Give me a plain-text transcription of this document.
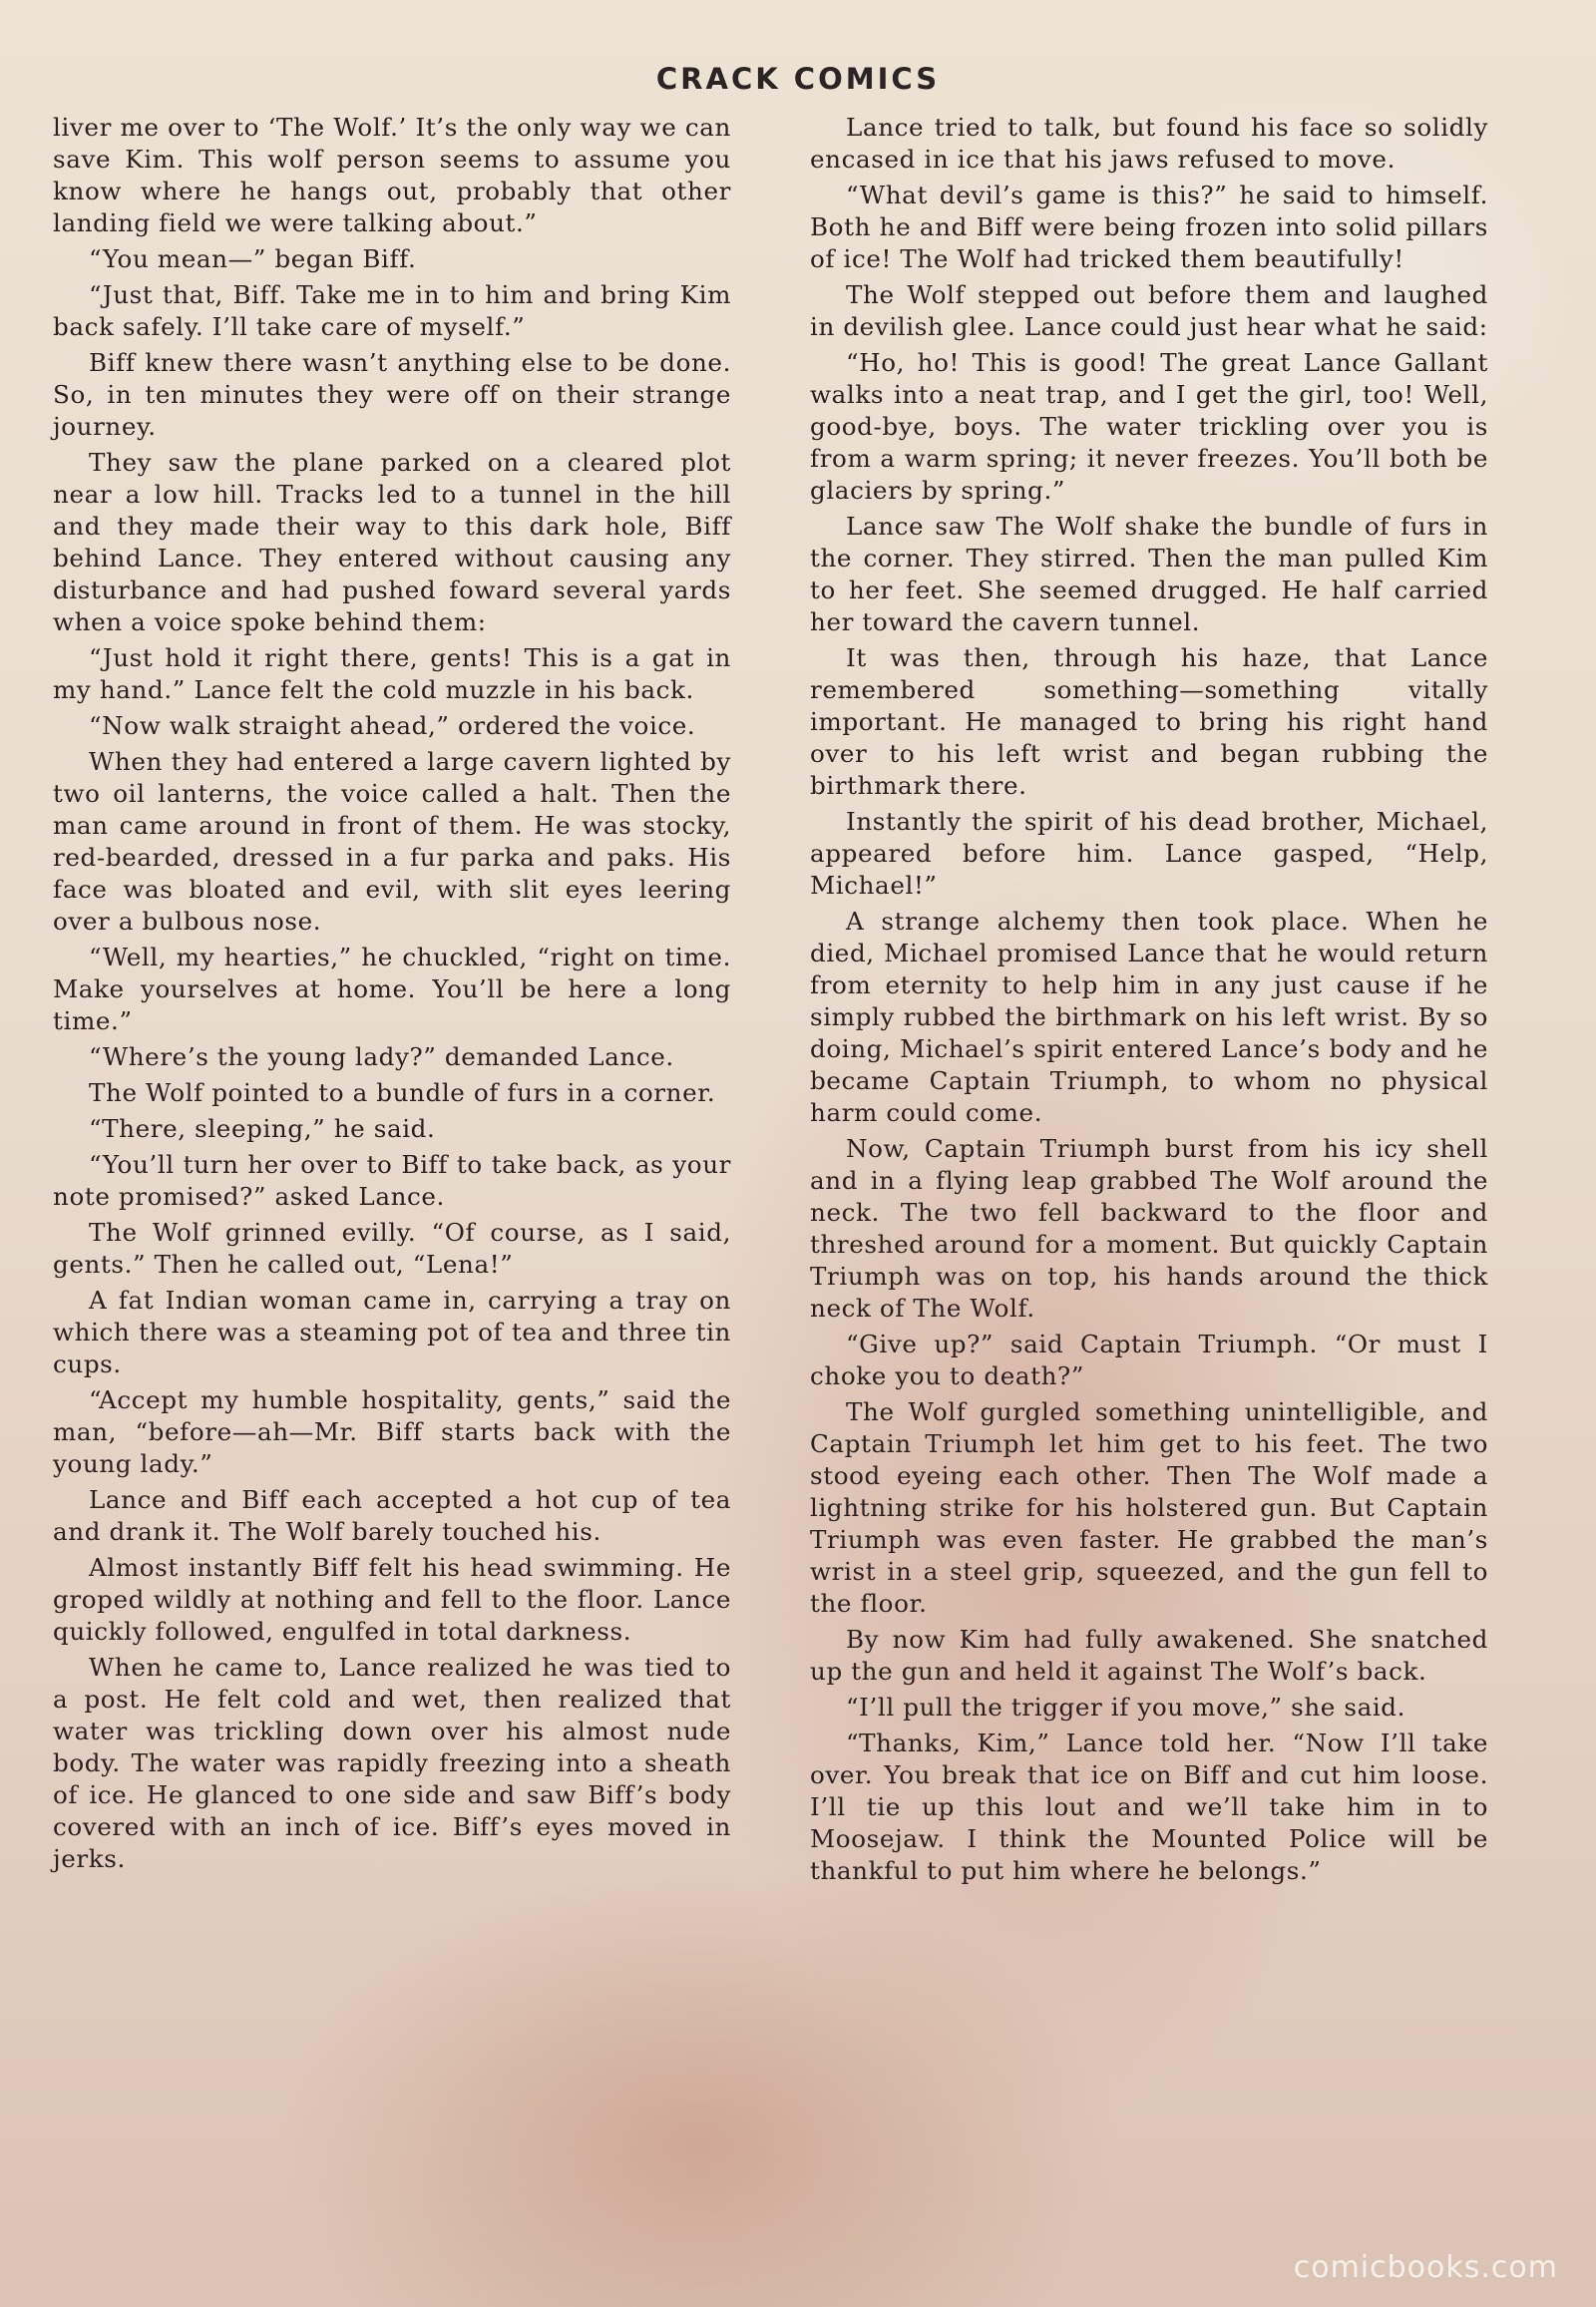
CRACK COMICS

liver me over to ‘The Wolf.’ It’s the only way we can save Kim. This wolf person seems to assume you know where he hangs out, probably that other landing field we were talking about.”

“You mean—” began Biff.

“Just that, Biff. Take me in to him and bring Kim back safely. I’ll take care of myself.”

Biff knew there wasn’t anything else to be done. So, in ten minutes they were off on their strange journey.

They saw the plane parked on a cleared plot near a low hill. Tracks led to a tunnel in the hill and they made their way to this dark hole, Biff behind Lance. They entered without causing any disturbance and had pushed foward several yards when a voice spoke behind them:

“Just hold it right there, gents! This is a gat in my hand.” Lance felt the cold muzzle in his back.

“Now walk straight ahead,” ordered the voice.

When they had entered a large cavern lighted by two oil lanterns, the voice called a halt. Then the man came around in front of them. He was stocky, red-bearded, dressed in a fur parka and paks. His face was bloated and evil, with slit eyes leering over a bulbous nose.

“Well, my hearties,” he chuckled, “right on time. Make yourselves at home. You’ll be here a long time.”

“Where’s the young lady?” demanded Lance.

The Wolf pointed to a bundle of furs in a corner.

“There, sleeping,” he said.

“You’ll turn her over to Biff to take back, as your note promised?” asked Lance.

The Wolf grinned evilly. “Of course, as I said, gents.” Then he called out, “Lena!”

A fat Indian woman came in, carrying a tray on which there was a steaming pot of tea and three tin cups.

“Accept my humble hospitality, gents,” said the man, “before—ah—Mr. Biff starts back with the young lady.”

Lance and Biff each accepted a hot cup of tea and drank it. The Wolf barely touched his.

Almost instantly Biff felt his head swimming. He groped wildly at nothing and fell to the floor. Lance quickly followed, engulfed in total darkness.

When he came to, Lance realized he was tied to a post. He felt cold and wet, then realized that water was trickling down over his almost nude body. The water was rapidly freezing into a sheath of ice. He glanced to one side and saw Biff’s body covered with an inch of ice. Biff’s eyes moved in jerks.

Lance tried to talk, but found his face so solidly encased in ice that his jaws refused to move.

“What devil’s game is this?” he said to himself. Both he and Biff were being frozen into solid pillars of ice! The Wolf had tricked them beautifully!

The Wolf stepped out before them and laughed in devilish glee. Lance could just hear what he said:

“Ho, ho! This is good! The great Lance Gallant walks into a neat trap, and I get the girl, too! Well, good-bye, boys. The water trickling over you is from a warm spring; it never freezes. You’ll both be glaciers by spring.”

Lance saw The Wolf shake the bundle of furs in the corner. They stirred. Then the man pulled Kim to her feet. She seemed drugged. He half carried her toward the cavern tunnel.

It was then, through his haze, that Lance remembered something—something vitally important. He managed to bring his right hand over to his left wrist and began rubbing the birthmark there.

Instantly the spirit of his dead brother, Michael, appeared before him. Lance gasped, “Help, Michael!”

A strange alchemy then took place. When he died, Michael promised Lance that he would return from eternity to help him in any just cause if he simply rubbed the birthmark on his left wrist. By so doing, Michael’s spirit entered Lance’s body and he became Captain Triumph, to whom no physical harm could come.

Now, Captain Triumph burst from his icy shell and in a flying leap grabbed The Wolf around the neck. The two fell backward to the floor and threshed around for a moment. But quickly Captain Triumph was on top, his hands around the thick neck of The Wolf.

“Give up?” said Captain Triumph. “Or must I choke you to death?”

The Wolf gurgled something unintelligible, and Captain Triumph let him get to his feet. The two stood eyeing each other. Then The Wolf made a lightning strike for his holstered gun. But Captain Triumph was even faster. He grabbed the man’s wrist in a steel grip, squeezed, and the gun fell to the floor.

By now Kim had fully awakened. She snatched up the gun and held it against The Wolf’s back.

“I’ll pull the trigger if you move,” she said.

“Thanks, Kim,” Lance told her. “Now I’ll take over. You break that ice on Biff and cut him loose. I’ll tie up this lout and we’ll take him in to Moosejaw. I think the Mounted Police will be thankful to put him where he belongs.”

comicbooks.com
